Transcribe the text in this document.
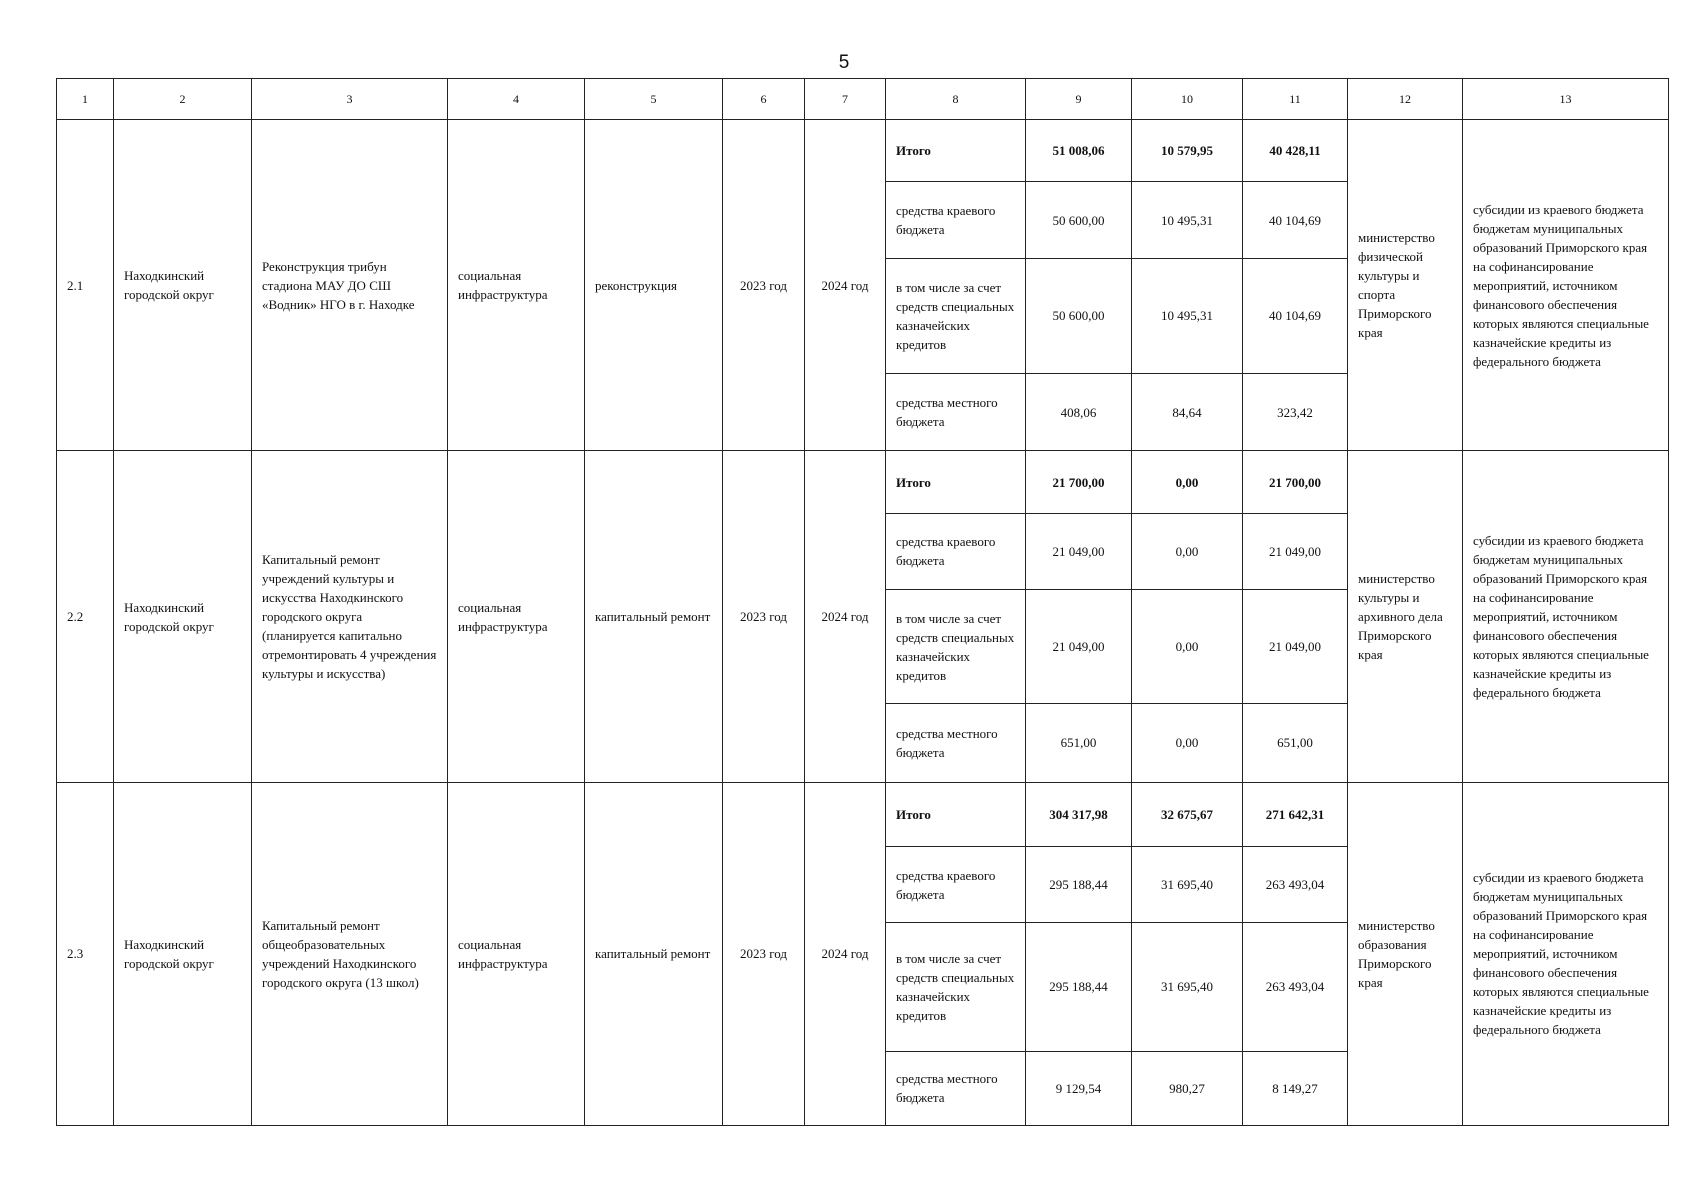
5
1	2	3	4	5	6	7	8	9	10	11	12	13
2.1	Находкинский городской округ	Реконструкция трибун стадиона МАУ ДО СШ «Водник» НГО в г. Находке	социальная инфраструктура	реконструкция	2023 год	2024 год	Итого	51 008,06	10 579,95	40 428,11	министерство физической культуры и спорта Приморского края	субсидии из краевого бюджета бюджетам муниципальных образований Приморского края на софинансирование мероприятий, источником финансового обеспечения которых являются специальные казначейские кредиты из федерального бюджета
							средства краевого бюджета	50 600,00	10 495,31	40 104,69		
							в том числе за счет средств специальных казначейских кредитов	50 600,00	10 495,31	40 104,69		
							средства местного бюджета	408,06	84,64	323,42		
2.2	Находкинский городской округ	Капитальный ремонт учреждений культуры и искусства Находкинского городского округа (планируется капитально отремонтировать 4 учреждения культуры и искусства)	социальная инфраструктура	капитальный ремонт	2023 год	2024 год	Итого	21 700,00	0,00	21 700,00	министерство культуры и архивного дела Приморского края	субсидии из краевого бюджета бюджетам муниципальных образований Приморского края на софинансирование мероприятий, источником финансового обеспечения которых являются специальные казначейские кредиты из федерального бюджета
							средства краевого бюджета	21 049,00	0,00	21 049,00		
							в том числе за счет средств специальных казначейских кредитов	21 049,00	0,00	21 049,00		
							средства местного бюджета	651,00	0,00	651,00		
2.3	Находкинский городской округ	Капитальный ремонт общеобразовательных учреждений Находкинского городского округа (13 школ)	социальная инфраструктура	капитальный ремонт	2023 год	2024 год	Итого	304 317,98	32 675,67	271 642,31	министерство образования Приморского края	субсидии из краевого бюджета бюджетам муниципальных образований Приморского края на софинансирование мероприятий, источником финансового обеспечения которых являются специальные казначейские кредиты из федерального бюджета
							средства краевого бюджета	295 188,44	31 695,40	263 493,04		
							в том числе за счет средств специальных казначейских кредитов	295 188,44	31 695,40	263 493,04		
							средства местного бюджета	9 129,54	980,27	8 149,27		
